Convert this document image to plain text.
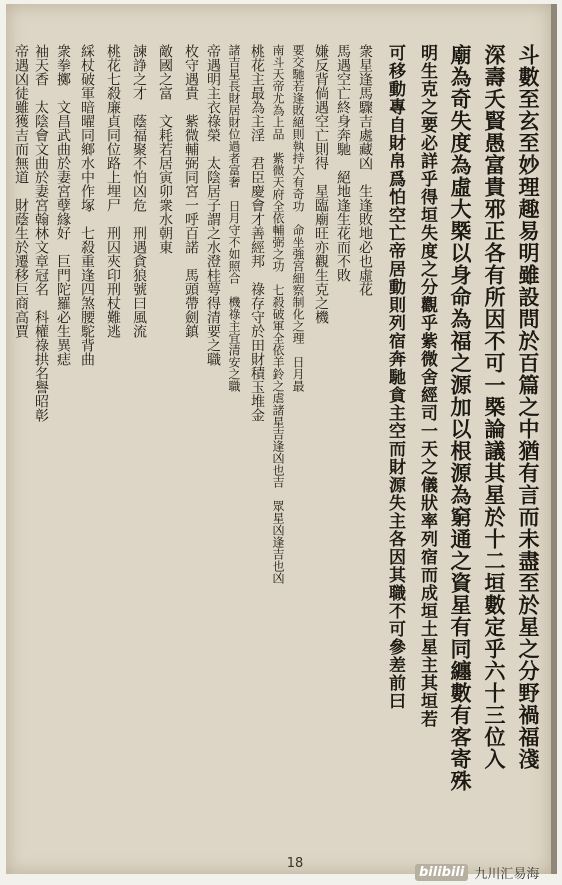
斗數至玄至妙理趣易明雖設問於百篇之中猶有言而未盡至於星之分野禍福淺
深壽夭賢愚富貴邪正各有所因不可一槩論議其星於十二垣數定乎六十三位入
廟為奇失度為虛大槩以身命為福之源加以根源為窮通之資星有同纏數有客寄殊
明生克之要必詳乎得垣失度之分觀乎紫微舍經司一天之儀狀率列宿而成垣土星主其垣若
可移動專自財帛爲怕空亡帝居動則列宿奔馳貪主空而財源失主各因其職不可參差前曰
衆星逢馬驟吉處藏凶　生逢敗地必也虛花
馬遇空亡終身奔馳　絕地逢生花而不敗
嫌反背倘遇空亡則得　星臨廟旺亦觀生克之機
要交馳若逢敗絕則執持大有奇功　命坐強宮細察制化之理　日月最
南斗天帝尤為上品　紫微天府全依輔弼之功　七殺破軍全依羊鈴之虐諸星吉逢凶也吉　眾星凶逢吉也凶
桃花主最為主淫　君臣慶會才善經邦　祿存守於田財積玉堆金
諸吉星長財居財位過者富奢　日月守不如照合　機祿主宜清安之職
帝遇明主衣祿榮　太陰居子謂之水澄桂萼得清要之職
枚守遇貴　紫微輔弼同宮一呼百諾　馬頭帶劍鎮
敵國之富　文耗若居寅卯衆水朝東
諫諍之才　蔭福聚不怕凶危　刑遇貪狼號曰風流
桃花七殺廉貞同位路上埋尸　刑囚夾印刑杖難逃
綵杖破軍暗曜同鄉水中作塚　七殺重逢四煞腰駝背曲
衆拳擲　文昌武曲於妻宮孽緣好　巨門陀羅必生異痣
袖天香　太陰會文曲於妻宮翰林文章冠名　科權祿拱名譽昭彰
帝遇凶徒雖獲吉而無道　財蔭生於遷移巨商高賈
18
bilibili 九川汇易海
